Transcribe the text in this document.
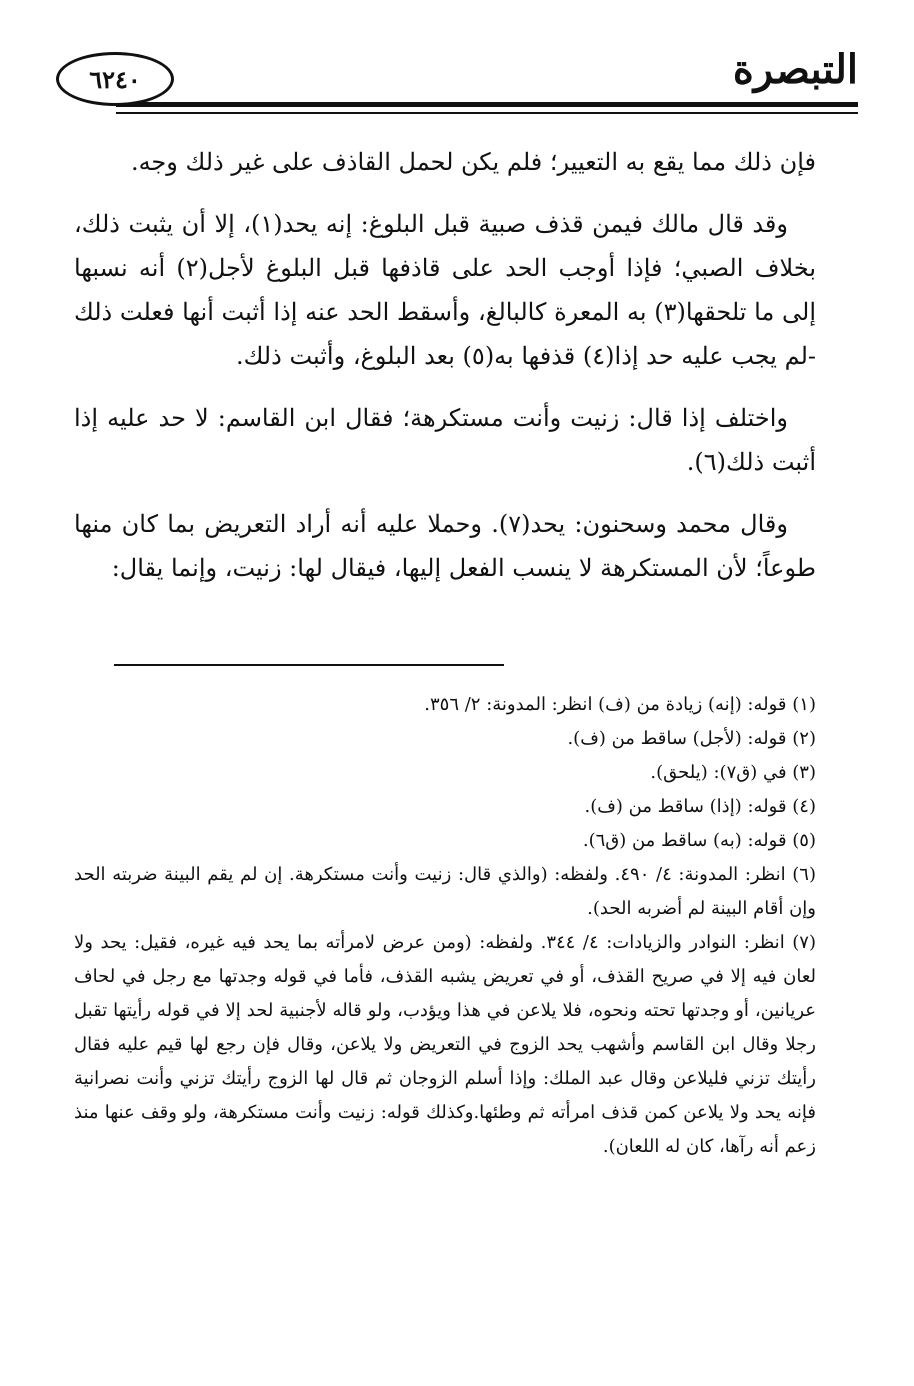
التبصرة
٦٢٤٠

فإن ذلك مما يقع به التعيير؛ فلم يكن لحمل القاذف على غير ذلك وجه.

وقد قال مالك فيمن قذف صبية قبل البلوغ: إنه يحد(١)، إلا أن يثبت ذلك، بخلاف الصبي؛ فإذا أوجب الحد على قاذفها قبل البلوغ لأجل(٢) أنه نسبها إلى ما تلحقها(٣) به المعرة كالبالغ، وأسقط الحد عنه إذا أثبت أنها فعلت ذلك -لم يجب عليه حد إذا(٤) قذفها به(٥) بعد البلوغ، وأثبت ذلك.

واختلف إذا قال: زنيت وأنت مستكرهة؛ فقال ابن القاسم: لا حد عليه إذا أثبت ذلك(٦).

وقال محمد وسحنون: يحد(٧). وحملا عليه أنه أراد التعريض بما كان منها طوعاً؛ لأن المستكرهة لا ينسب الفعل إليها، فيقال لها: زنيت، وإنما يقال:

(١) قوله: (إنه) زيادة من (ف) انظر: المدونة: ٢/ ٣٥٦.

(٢) قوله: (لأجل) ساقط من (ف).

(٣) في (ق٧): (يلحق).

(٤) قوله: (إذا) ساقط من (ف).

(٥) قوله: (به) ساقط من (ق٦).

(٦) انظر: المدونة: ٤/ ٤٩٠. ولفظه: (والذي قال: زنيت وأنت مستكرهة. إن لم يقم البينة ضربته الحد وإن أقام البينة لم أضربه الحد).

(٧) انظر: النوادر والزيادات: ٤/ ٣٤٤. ولفظه: (ومن عرض لامرأته بما يحد فيه غيره، فقيل: يحد ولا لعان فيه إلا في صريح القذف، أو في تعريض يشبه القذف، فأما في قوله وجدتها مع رجل في لحاف عريانين، أو وجدتها تحته ونحوه، فلا يلاعن في هذا ويؤدب، ولو قاله لأجنبية لحد إلا في قوله رأيتها تقبل رجلا وقال ابن القاسم وأشهب يحد الزوج في التعريض ولا يلاعن، وقال فإن رجع لها قيم عليه فقال رأيتك تزني فليلاعن وقال عبد الملك: وإذا أسلم الزوجان ثم قال لها الزوج رأيتك تزني وأنت نصرانية فإنه يحد ولا يلاعن كمن قذف امرأته ثم وطئها.وكذلك قوله: زنيت وأنت مستكرهة، ولو وقف عنها منذ زعم أنه رآها، كان له اللعان).
